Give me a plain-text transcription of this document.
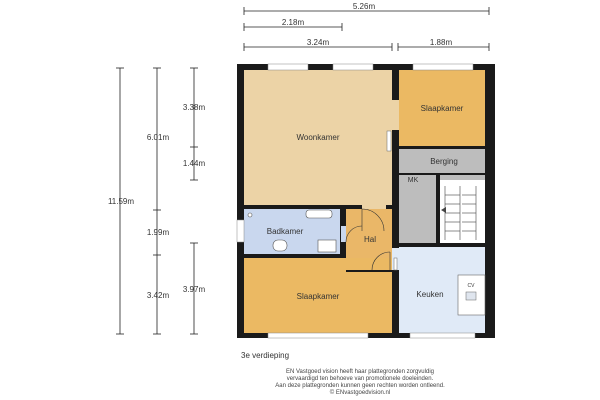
5.26m
2.18m
3.24m	1.88m
11.59m
6.01m
1.99m
3.42m
3.38m
1.44m
3.97m
Woonkamer
Slaapkamer
Berging
MK
Badkamer
Hal
Slaapkamer	Keuken
CV
3e verdieping
EN Vastgoed vision heeft haar plattegronden zorgvuldig
vervaardigd ten behoeve van promotionele doeleinden.
Aan deze plattegronden kunnen geen rechten worden ontleend.
© ENvastgoedvision.nl
